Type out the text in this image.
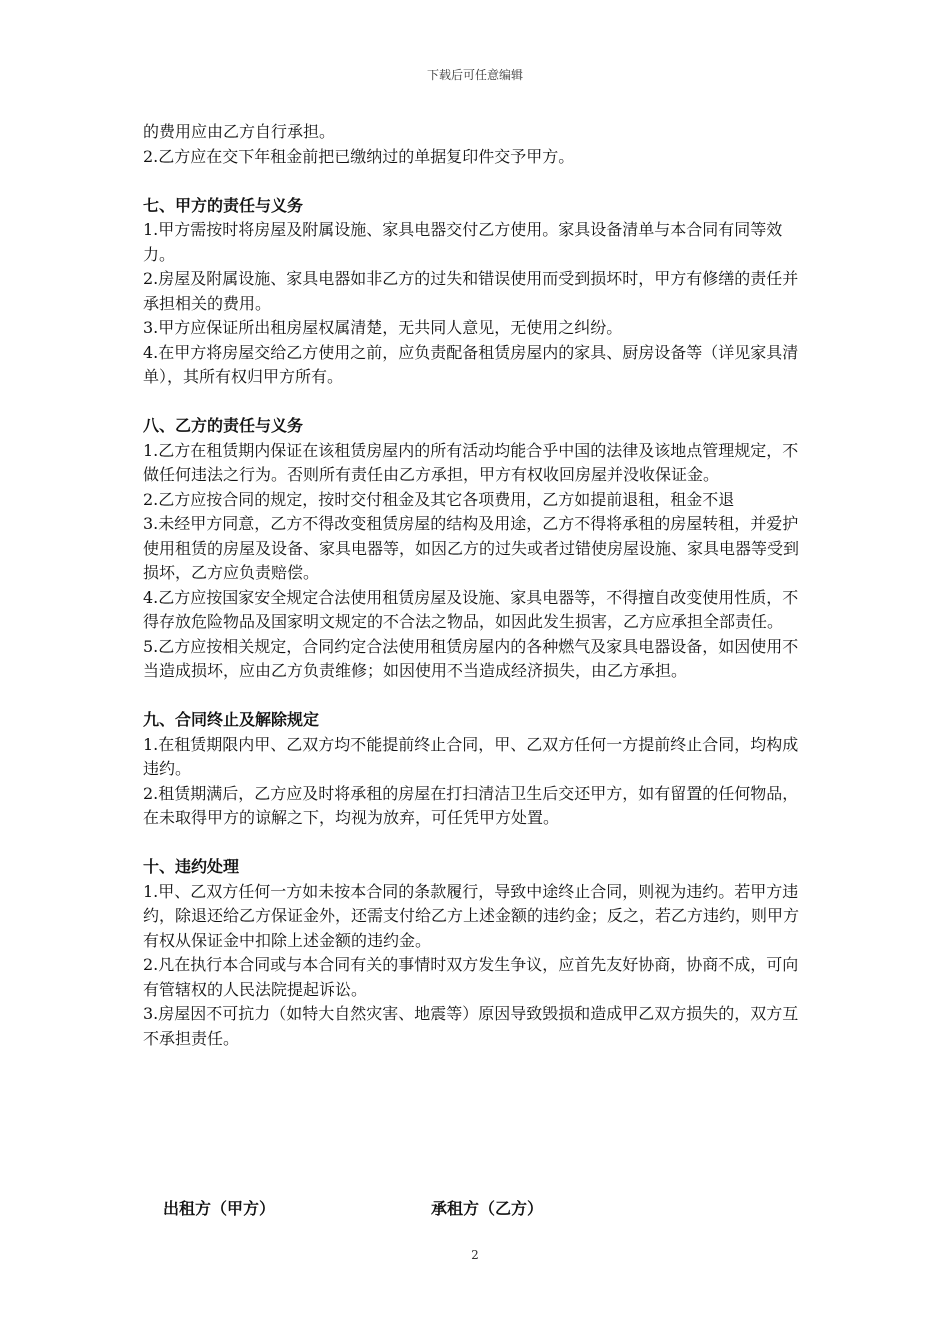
下载后可任意编辑

的费用应由乙方自行承担。

2.乙方应在交下年租金前把已缴纳过的单据复印件交予甲方。

七、甲方的责任与义务

1.甲方需按时将房屋及附属设施、家具电器交付乙方使用。家具设备清单与本合同有同等效力。

2.房屋及附属设施、家具电器如非乙方的过失和错误使用而受到损坏时，甲方有修缮的责任并承担相关的费用。

3.甲方应保证所出租房屋权属清楚，无共同人意见，无使用之纠纷。

4.在甲方将房屋交给乙方使用之前，应负责配备租赁房屋内的家具、厨房设备等（详见家具清单），其所有权归甲方所有。

八、乙方的责任与义务

1.乙方在租赁期内保证在该租赁房屋内的所有活动均能合乎中国的法律及该地点管理规定，不做任何违法之行为。否则所有责任由乙方承担，甲方有权收回房屋并没收保证金。

2.乙方应按合同的规定，按时交付租金及其它各项费用，乙方如提前退租，租金不退

3.未经甲方同意，乙方不得改变租赁房屋的结构及用途，乙方不得将承租的房屋转租，并爱护使用租赁的房屋及设备、家具电器等，如因乙方的过失或者过错使房屋设施、家具电器等受到损坏，乙方应负责赔偿。

4.乙方应按国家安全规定合法使用租赁房屋及设施、家具电器等，不得擅自改变使用性质，不得存放危险物品及国家明文规定的不合法之物品，如因此发生损害，乙方应承担全部责任。

5.乙方应按相关规定，合同约定合法使用租赁房屋内的各种燃气及家具电器设备，如因使用不当造成损坏，应由乙方负责维修；如因使用不当造成经济损失，由乙方承担。

九、合同终止及解除规定

1.在租赁期限内甲、乙双方均不能提前终止合同，甲、乙双方任何一方提前终止合同，均构成违约。

2.租赁期满后，乙方应及时将承租的房屋在打扫清洁卫生后交还甲方，如有留置的任何物品，在未取得甲方的谅解之下，均视为放弃，可任凭甲方处置。

十、违约处理

1.甲、乙双方任何一方如未按本合同的条款履行，导致中途终止合同，则视为违约。若甲方违约，除退还给乙方保证金外，还需支付给乙方上述金额的违约金；反之，若乙方违约，则甲方有权从保证金中扣除上述金额的违约金。

2.凡在执行本合同或与本合同有关的事情时双方发生争议，应首先友好协商，协商不成，可向有管辖权的人民法院提起诉讼。

3.房屋因不可抗力（如特大自然灾害、地震等）原因导致毁损和造成甲乙双方损失的，双方互不承担责任。

出租方（甲方）	承租方（乙方）
2
